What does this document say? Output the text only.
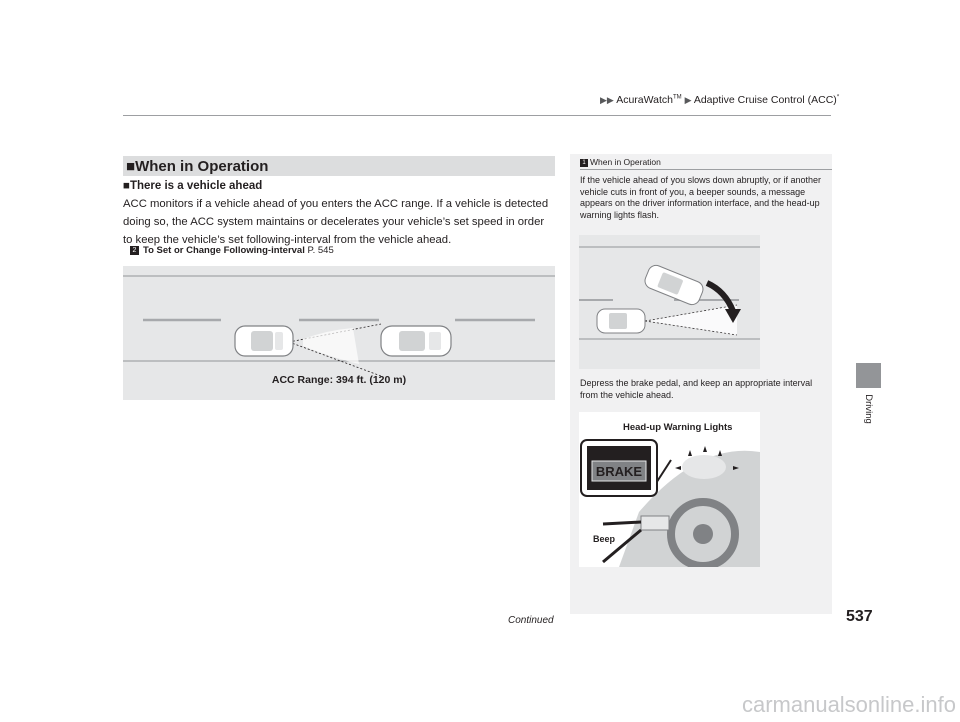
▶▶ AcuraWatch™ ▶ Adaptive Cruise Control (ACC)*
Driving
■When in Operation
■There is a vehicle ahead
ACC monitors if a vehicle ahead of you enters the ACC range. If a vehicle is detected doing so, the ACC system maintains or decelerates your vehicle’s set speed in order to keep the vehicle’s set following-interval from the vehicle ahead.
2 To Set or Change Following-interval P. 545
ACC Range: 394 ft. (120 m)
1 When in Operation
If the vehicle ahead of you slows down abruptly, or if another vehicle cuts in front of you, a beeper sounds, a message appears on the driver information interface, and the head-up warning lights flash.
Depress the brake pedal, and keep an appropriate interval from the vehicle ahead.
BRAKE
Head-up Warning Lights
Beep
Continued	537
carmanualsonline.info
